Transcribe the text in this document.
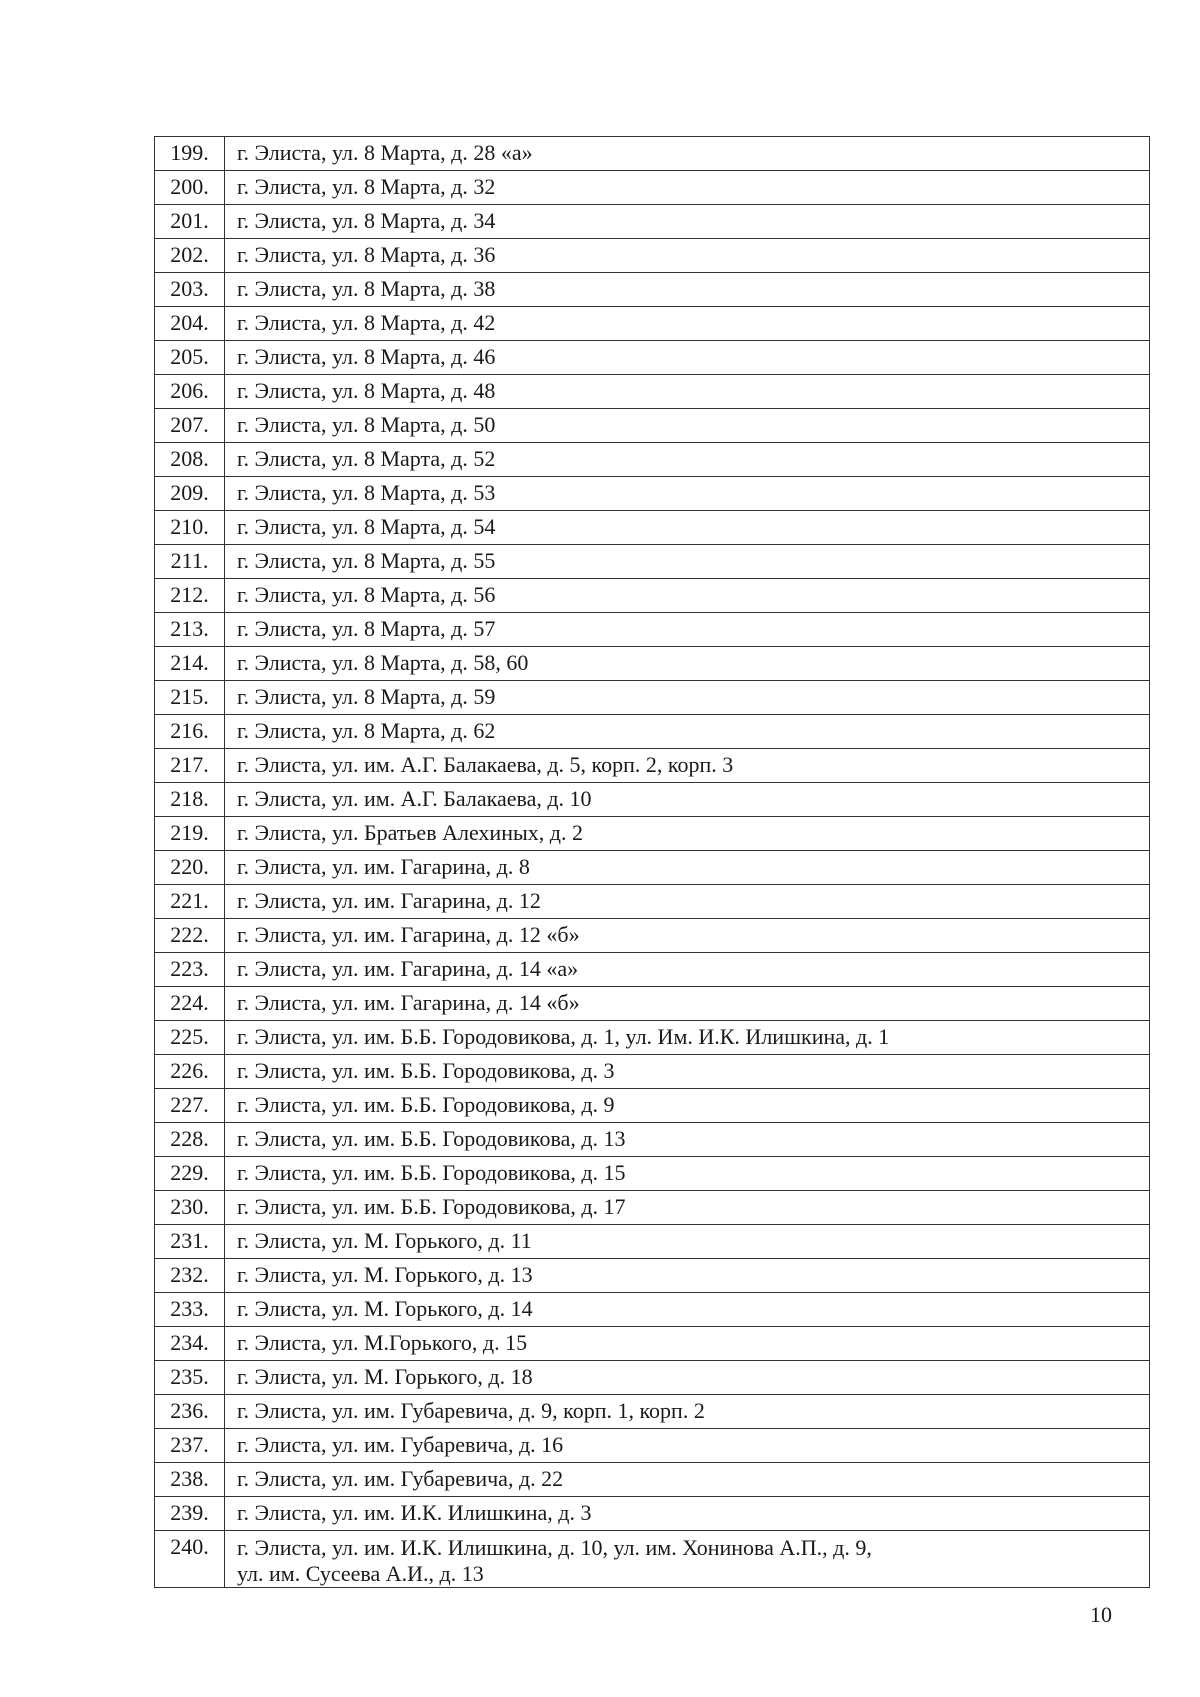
199.	г. Элиста, ул. 8 Марта, д. 28 «а»
200.	г. Элиста, ул. 8 Марта, д. 32
201.	г. Элиста, ул. 8 Марта, д. 34
202.	г. Элиста, ул. 8 Марта, д. 36
203.	г. Элиста, ул. 8 Марта, д. 38
204.	г. Элиста, ул. 8 Марта, д. 42
205.	г. Элиста, ул. 8 Марта, д. 46
206.	г. Элиста, ул. 8 Марта, д. 48
207.	г. Элиста, ул. 8 Марта, д. 50
208.	г. Элиста, ул. 8 Марта, д. 52
209.	г. Элиста, ул. 8 Марта, д. 53
210.	г. Элиста, ул. 8 Марта, д. 54
211.	г. Элиста, ул. 8 Марта, д. 55
212.	г. Элиста, ул. 8 Марта, д. 56
213.	г. Элиста, ул. 8 Марта, д. 57
214.	г. Элиста, ул. 8 Марта, д. 58, 60
215.	г. Элиста, ул. 8 Марта, д. 59
216.	г. Элиста, ул. 8 Марта, д. 62
217.	г. Элиста, ул. им. А.Г. Балакаева, д. 5, корп. 2, корп. 3
218.	г. Элиста, ул. им. А.Г. Балакаева, д. 10
219.	г. Элиста, ул. Братьев Алехиных, д. 2
220.	г. Элиста, ул. им. Гагарина, д. 8
221.	г. Элиста, ул. им. Гагарина, д. 12
222.	г. Элиста, ул. им. Гагарина, д. 12 «б»
223.	г. Элиста, ул. им. Гагарина, д. 14 «а»
224.	г. Элиста, ул. им. Гагарина, д. 14 «б»
225.	г. Элиста, ул. им. Б.Б. Городовикова, д. 1, ул. Им. И.К. Илишкина, д. 1
226.	г. Элиста, ул. им. Б.Б. Городовикова, д. 3
227.	г. Элиста, ул. им. Б.Б. Городовикова, д. 9
228.	г. Элиста, ул. им. Б.Б. Городовикова, д. 13
229.	г. Элиста, ул. им. Б.Б. Городовикова, д. 15
230.	г. Элиста, ул. им. Б.Б. Городовикова, д. 17
231.	г. Элиста, ул. М. Горького, д. 11
232.	г. Элиста, ул. М. Горького, д. 13
233.	г. Элиста, ул. М. Горького, д. 14
234.	г. Элиста, ул. М.Горького, д. 15
235.	г. Элиста, ул. М. Горького, д. 18
236.	г. Элиста, ул. им. Губаревича, д. 9, корп. 1, корп. 2
237.	г. Элиста, ул. им. Губаревича, д. 16
238.	г. Элиста, ул. им. Губаревича, д. 22
239.	г. Элиста, ул. им. И.К. Илишкина, д. 3
240.	г. Элиста, ул. им. И.К. Илишкина, д. 10, ул. им. Хонинова А.П., д. 9,
ул. им. Сусеева А.И., д. 13
10
